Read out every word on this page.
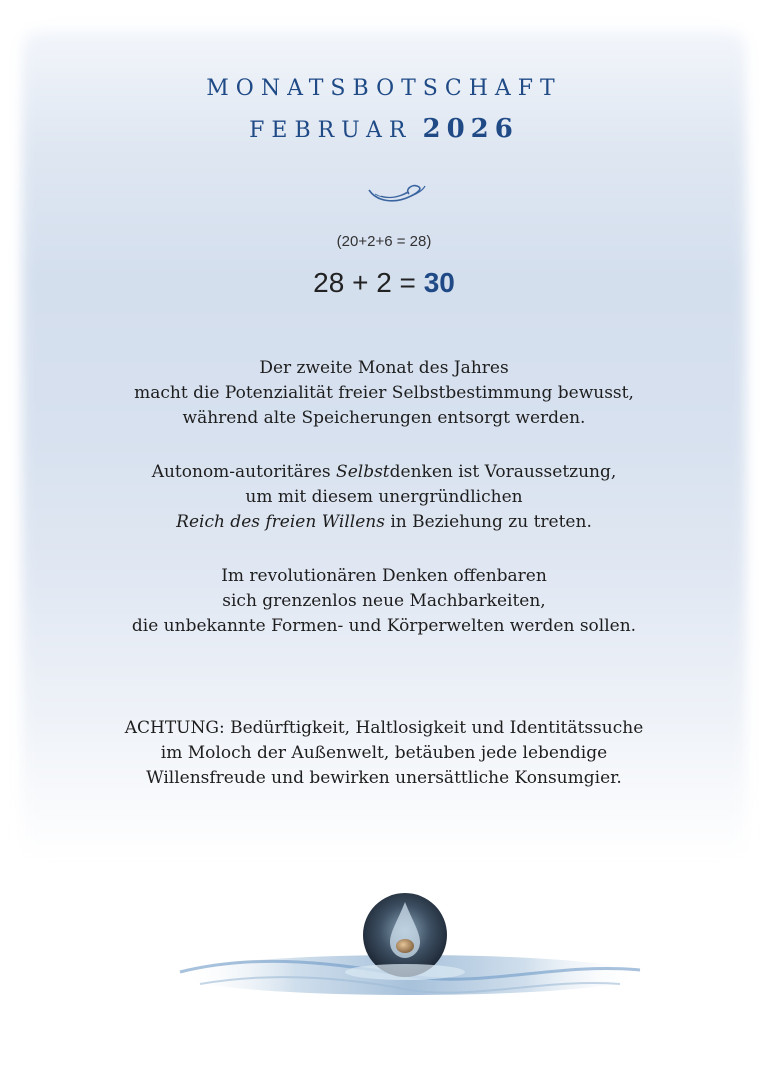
MONATSBOTSCHAFT
FEBRUAR 2026
(20+2+6 = 28)
28 + 2 = 30

Der zweite Monat des Jahres

macht die Potenzialität freier Selbstbestimmung bewusst,

während alte Speicherungen entsorgt werden.

Autonom-autoritäres Selbstdenken ist Voraussetzung,

um mit diesem unergründlichen

Reich des freien Willens in Beziehung zu treten.

Im revolutionären Denken offenbaren

sich grenzenlos neue Machbarkeiten,

die unbekannte Formen- und Körperwelten werden sollen.

ACHTUNG: Bedürftigkeit, Haltlosigkeit und Identitätssuche

im Moloch der Außenwelt, betäuben jede lebendige

Willensfreude und bewirken unersättliche Konsumgier.
